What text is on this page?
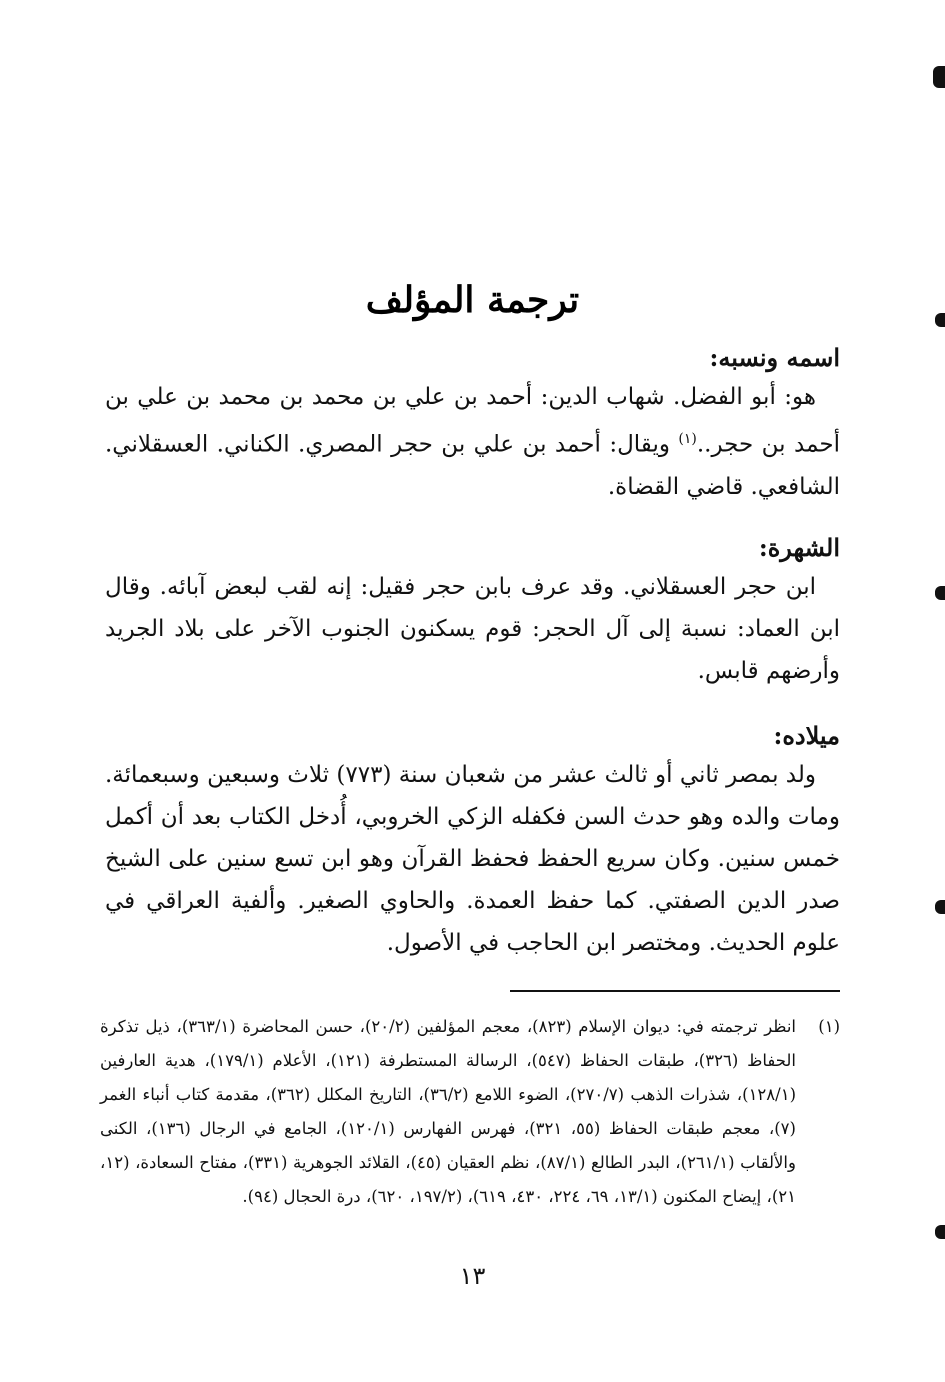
ترجمة المؤلف
اسمه ونسبه:

هو: أبو الفضل. شهاب الدين: أحمد بن علي بن محمد بن محمد بن علي بن أحمد بن حجر..$^{(١)}$ ويقال: أحمد بن علي بن حجر المصري. الكناني. العسقلاني. الشافعي. قاضي القضاة.

الشهرة:

ابن حجر العسقلاني. وقد عرف بابن حجر فقيل: إنه لقب لبعض آبائه. وقال ابن العماد: نسبة إلى آل الحجر: قوم يسكنون الجنوب الآخر على بلاد الجريد وأرضهم قابس.

ميلاده:

ولد بمصر ثاني أو ثالث عشر من شعبان سنة (٧٧٣) ثلاث وسبعين وسبعمائة. ومات والده وهو حدث السن فكفله الزكي الخروبي، أُدخل الكتاب بعد أن أكمل خمس سنين. وكان سريع الحفظ فحفظ القرآن وهو ابن تسع سنين على الشيخ صدر الدين الصفتي. كما حفظ العمدة. والحاوي الصغير. وألفية العراقي في علوم الحديث. ومختصر ابن الحاجب في الأصول.

(١)
انظر ترجمته في: ديوان الإسلام (٨٢٣)، معجم المؤلفين (٢٠/٢)، حسن المحاضرة (٣٦٣/١)، ذيل تذكرة الحفاظ (٣٢٦)، طبقات الحفاظ (٥٤٧)، الرسالة المستطرفة (١٢١)، الأعلام (١٧٩/١)، هدية العارفين (١٢٨/١)، شذرات الذهب (٢٧٠/٧)، الضوء اللامع (٣٦/٢)، التاريخ المكلل (٣٦٢)، مقدمة كتاب أنباء الغمر (٧)، معجم طبقات الحفاظ (٥٥، ٣٢١)، فهرس الفهارس (١٢٠/١)، الجامع في الرجال (١٣٦)، الكنى والألقاب (٢٦١/١)، البدر الطالع (٨٧/١)، نظم العقيان (٤٥)، القلائد الجوهرية (٣٣١)، مفتاح السعادة، (١٢، ٢١)، إيضاح المكنون (١٣/١، ٦٩، ٢٢٤، ٤٣٠، ٦١٩)، (١٩٧/٢، ٦٢٠)، درة الحجال (٩٤).
١٣
